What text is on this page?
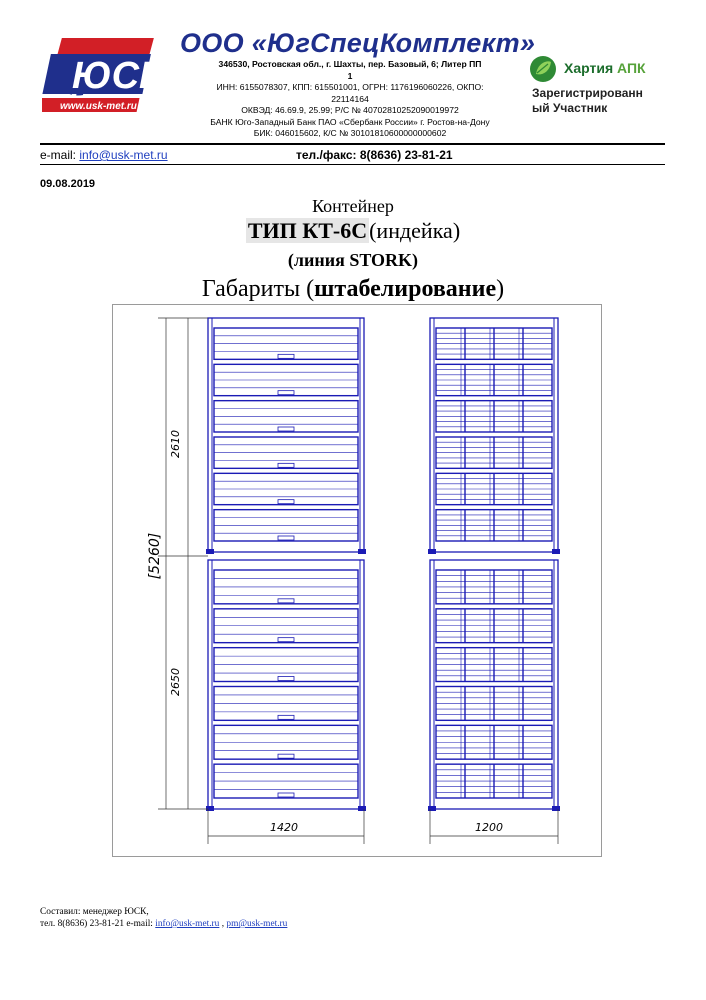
ЮСК
www.usk-met.ru
ООО «ЮгСпецКомплект»
346530, Ростовская обл., г. Шахты, пер. Базовый, 6; Литер ПП
1
ИНН: 6155078307, КПП: 615501001, ОГРН: 1176196060226, ОКПО:
22114164
ОКВЭД: 46.69.9, 25.99; Р/С № 40702810252090019972
БАНК Юго-Западный Банк ПАО «Сбербанк России» г. Ростов-на-Дону
БИК: 046015602, К/С № 30101810600000000602
Хартия АПК
Зарегистрированн
ый Участник
e-mail: info@usk-met.ru	тел./факс: 8(8636) 23-81-21
09.08.2019
Контейнер
ТИП КТ-6С(индейка)
(линия STORK)
Габариты (штабелирование)
[5260]
2610
2650
1420	1200
Составил: менеджер ЮСК,
тел. 8(8636) 23-81-21 e-mail: info@usk-met.ru , pm@usk-met.ru
